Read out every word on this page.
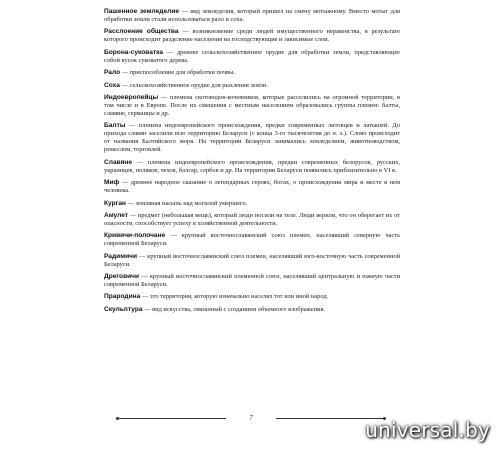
Пашенное земледелие — вид земледелия, который пришел на смену мотыжному. Вместо мотыг для обработки земли стали использоваться рало и соха.

Расслоение общества — возникновение среди людей имущественного неравенства, в результате которого происходит разделение населения на господствующие и зависимые слои.

Борона-суковатка — древнее сельскохозяйственное орудие для обработки земли, представляющее собой кусок суковатого дерева.

Рало — приспособление для обработки почвы.

Соха — сельскохозяйственное орудие для рыхления земли.

Индоевропейцы — племена скотоводов-кочевников, которые расселились на огромной территории, в том числе и в Европе. После их смешения с местным населением образовались группы племен: балты, славяне, германцы и др.

Балты — племена индоевропейского происхождения, предки современных литовцев и латышей. До прихода славян заселили всю территорию Беларуси (с конца 3-го тысячелетия до н. э.). Слово происходит от названия Балтийского моря. На территории Беларуси занимались земледелием, животноводством, ремеслом, торговлей.

Славяне — племена индоевропейского происхождения, предки современных белорусов, русских, украинцев, поляков, чехов, болгар, сербов и др. На территории Беларуси появились приблизительно в VI в.

Миф — древнее народное сказание о легендарных героях, богах, о происхождении мира и месте в нем человека.

Курган — земляная насыпь над могилой умершего.

Амулет — предмет (небольшая вещь), который люди носили на теле. Люди верили, что он оберегает их от опасности, способствует успеху в хозяйственной деятельности.

Кривичи-полочане — крупный восточнославянский союз племен, населявший северную часть современной Беларуси.

Радимичи — крупный восточнославянский союз племен, населявший юго-восточную часть современной Беларуси.

Дреговичи — крупный восточнославянский племенной союз, населявший центральную и южную части современной Беларуси.

Прародина — это территория, которую изначально населял тот или иной народ.

Скульптура — вид искусства, связанный с созданием объемного изображения.

7	universal.by
